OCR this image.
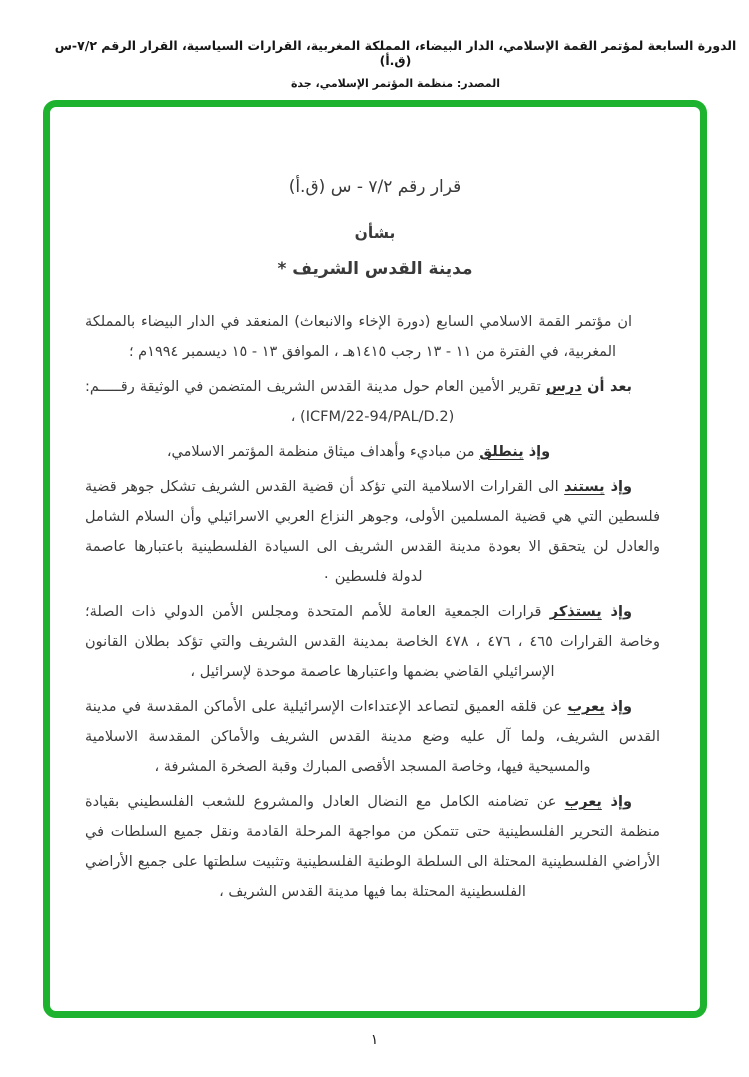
الدورة السابعة لمؤتمر القمة الإسلامي، الدار البيضاء، المملكة المغربية، القرارات السياسية، القرار الرقم ٧/٢-س (ق.أ)
المصدر: منظمة المؤتمر الإسلامي، جدة
قرار رقم ٧/٢ - س (ق.أ)
بشأن
مدينة القدس الشريف *

ان مؤتمر القمة الاسلامي السابع (دورة الإخاء والانبعاث) المنعقد في الدار البيضاء بالمملكة المغربية، في الفترة من ١١ - ١٣ رجب ١٤١٥هـ ، الموافق ١٣ - ١٥ ديسمبر ١٩٩٤م ؛

بعد أن درس تقرير الأمين العام حول مدينة القدس الشريف المتضمن في الوثيقة رقـــــم: (ICFM/22-94/PAL/D.2) ،

وإذ ينطلق من مباديء وأهداف ميثاق منظمة المؤتمر الاسلامي،

وإذ يستند الى القرارات الاسلامية التي تؤكد أن قضية القدس الشريف تشكل جوهر قضية فلسطين التي هي قضية المسلمين الأولى، وجوهر النزاع العربي الاسرائيلي وأن السلام الشامل والعادل لن يتحقق الا بعودة مدينة القدس الشريف الى السيادة الفلسطينية باعتبارها عاصمة لدولة فلسطين ٠

وإذ يستذكر قرارات الجمعية العامة للأمم المتحدة ومجلس الأمن الدولي ذات الصلة؛ وخاصة القرارات ٤٦٥ ، ٤٧٦ ، ٤٧٨ الخاصة بمدينة القدس الشريف والتي تؤكد بطلان القانون الإسرائيلي القاضي بضمها واعتبارها عاصمة موحدة لإسرائيل ،

وإذ يعرب عن قلقه العميق لتصاعد الإعتداءات الإسرائيلية على الأماكن المقدسة في مدينة القدس الشريف، ولما آل عليه وضع مدينة القدس الشريف والأماكن المقدسة الاسلامية والمسيحية فيها، وخاصة المسجد الأقصى المبارك وقبة الصخرة المشرفة ،

وإذ يعرب عن تضامنه الكامل مع النضال العادل والمشروع للشعب الفلسطيني بقيادة منظمة التحرير الفلسطينية حتى تتمكن من مواجهة المرحلة القادمة ونقل جميع السلطات في الأراضي الفلسطينية المحتلة الى السلطة الوطنية الفلسطينية وتثبيت سلطتها على جميع الأراضي الفلسطينية المحتلة بما فيها مدينة القدس الشريف ،

١
